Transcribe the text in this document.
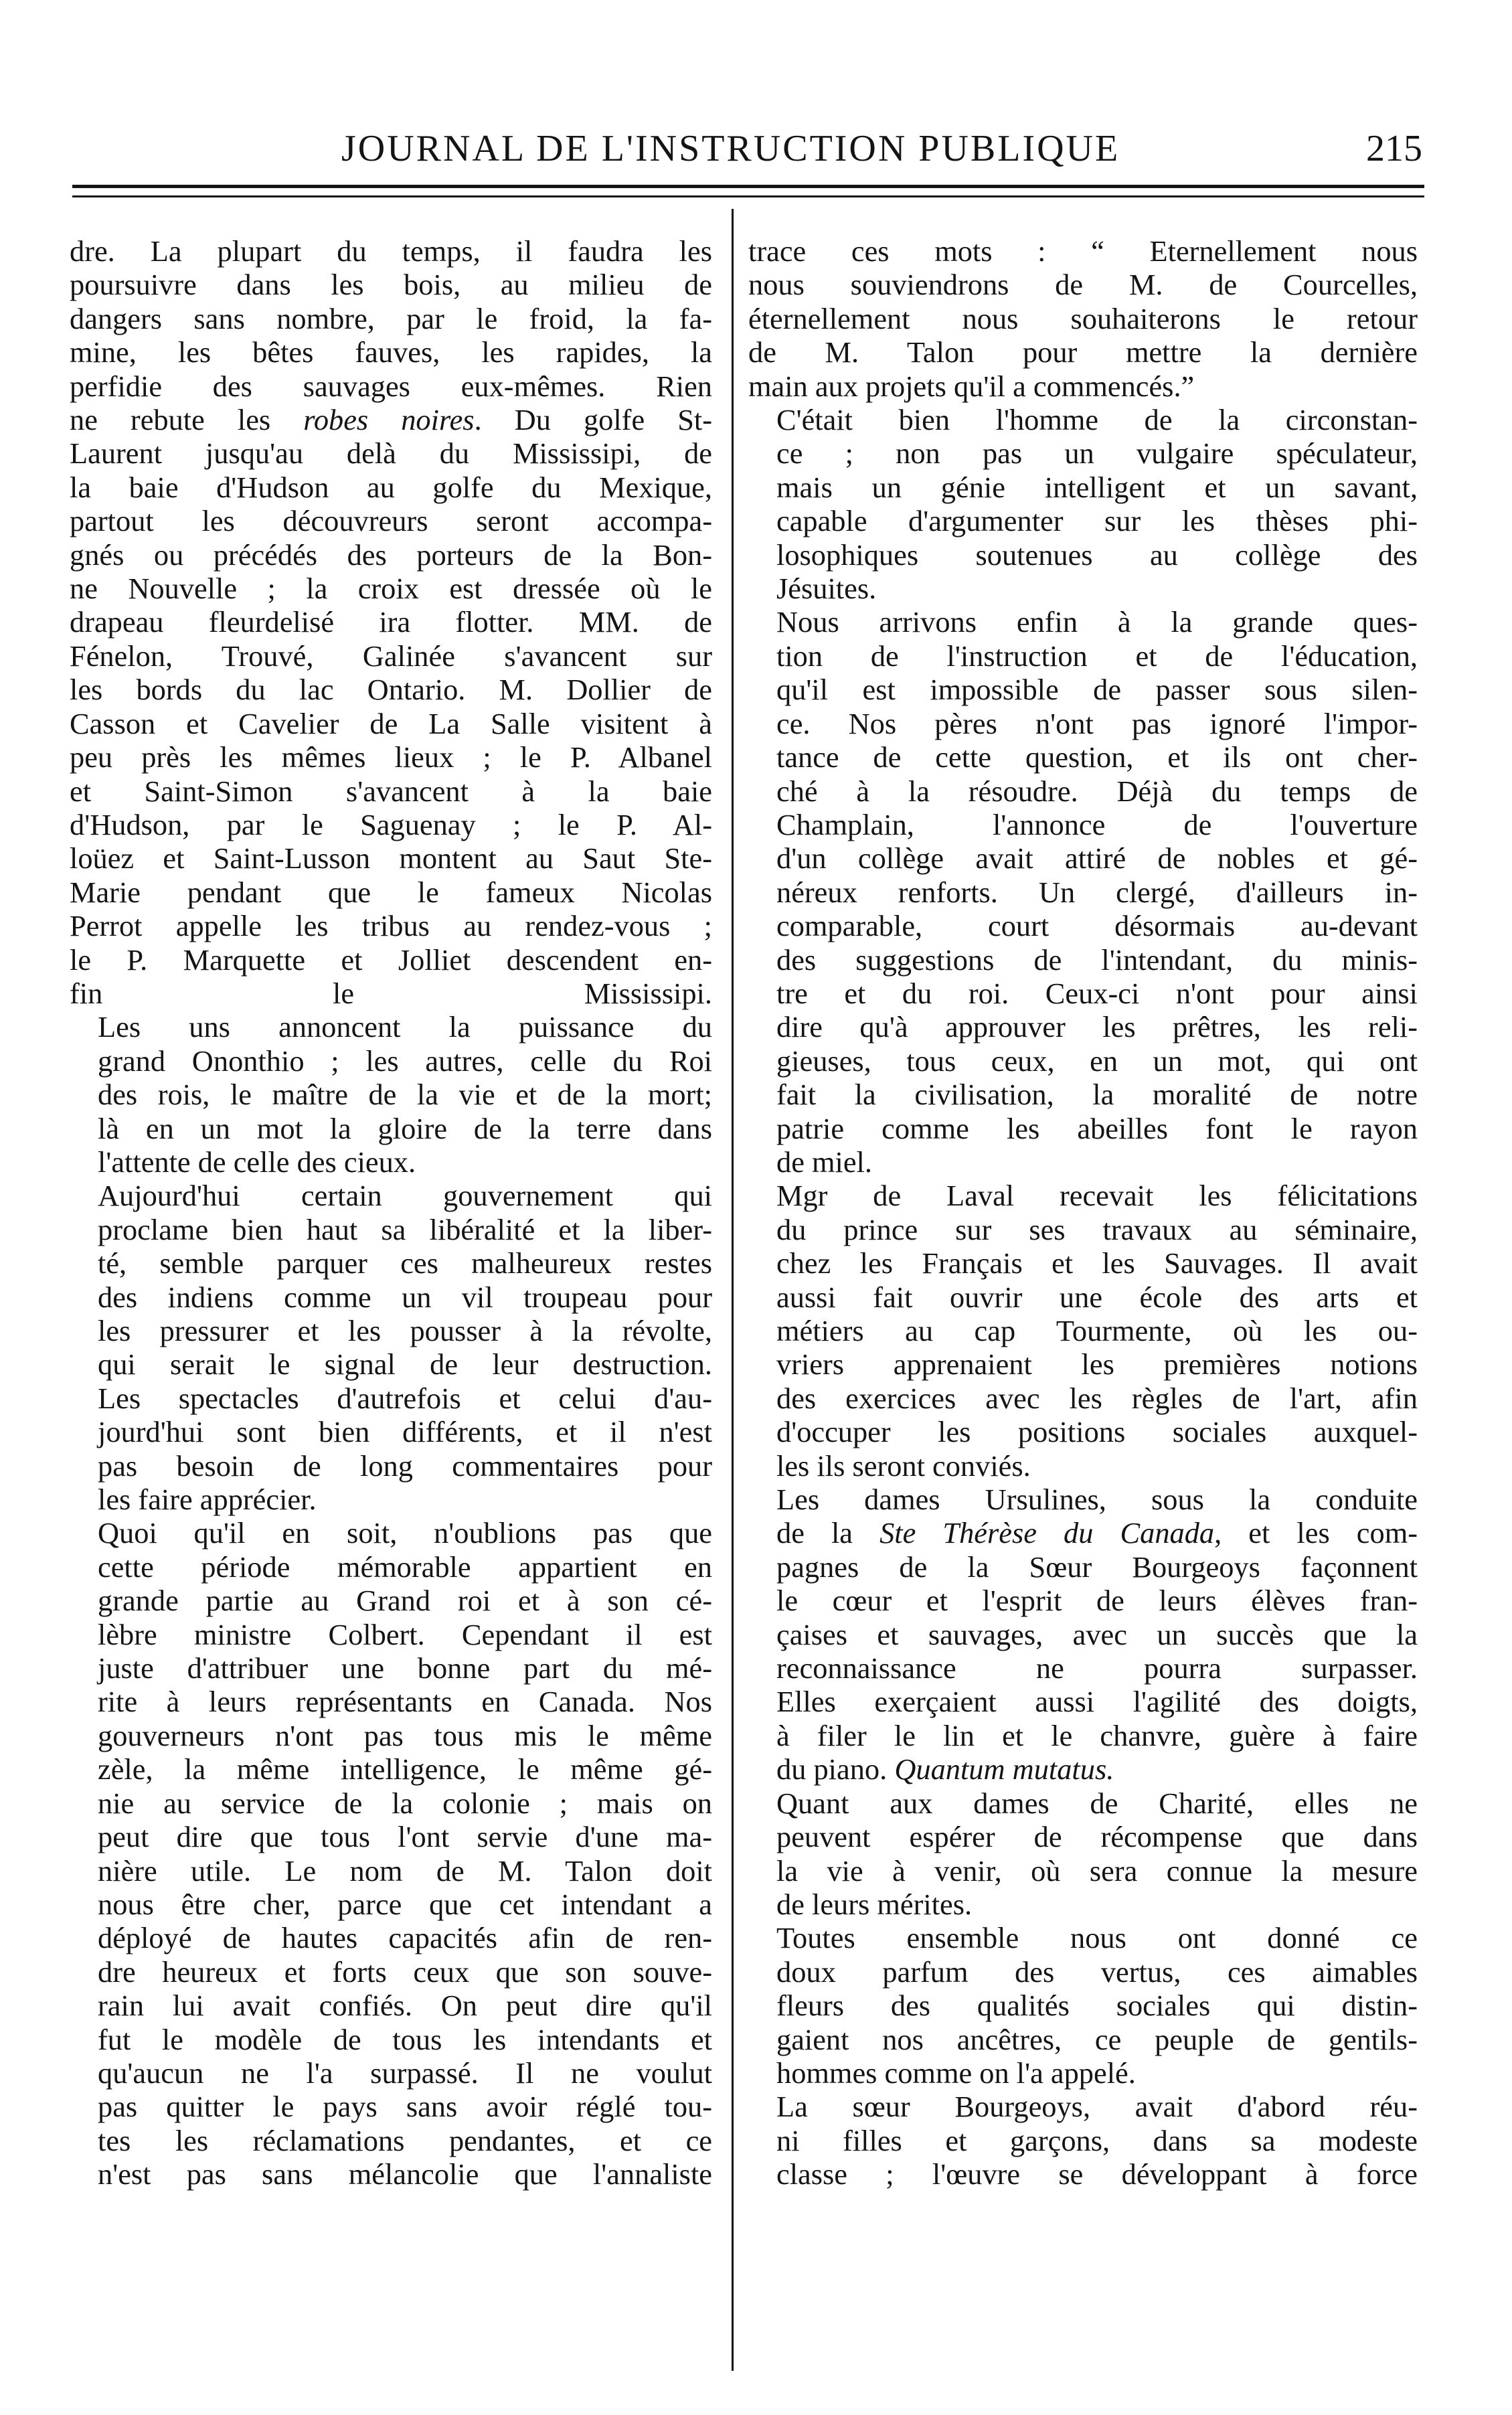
JOURNAL DE L'INSTRUCTION PUBLIQUE	215

dre. La plupart du temps, il faudra les
poursuivre dans les bois, au milieu de
dangers sans nombre, par le froid, la fa-
mine, les bêtes fauves, les rapides, la
perfidie des sauvages eux-mêmes. Rien
ne rebute les robes noires. Du golfe St-
Laurent jusqu'au delà du Mississipi, de
la baie d'Hudson au golfe du Mexique,
partout les découvreurs seront accompa-
gnés ou précédés des porteurs de la Bon-
ne Nouvelle ; la croix est dressée où le
drapeau fleurdelisé ira flotter. MM. de
Fénelon, Trouvé, Galinée s'avancent sur
les bords du lac Ontario. M. Dollier de
Casson et Cavelier de La Salle visitent à
peu près les mêmes lieux ; le P. Albanel
et Saint-Simon s'avancent à la baie
d'Hudson, par le Saguenay ; le P. Al-
loüez et Saint-Lusson montent au Saut Ste-
Marie pendant que le fameux Nicolas
Perrot appelle les tribus au rendez-vous ;
le P. Marquette et Jolliet descendent en-
fin le Mississipi.

Les uns annoncent la puissance du
grand Ononthio ; les autres, celle du Roi
des rois, le maître de la vie et de la mort;
là en un mot la gloire de la terre dans
l'attente de celle des cieux.

Aujourd'hui certain gouvernement qui
proclame bien haut sa libéralité et la liber-
té, semble parquer ces malheureux restes
des indiens comme un vil troupeau pour
les pressurer et les pousser à la révolte,
qui serait le signal de leur destruction.
Les spectacles d'autrefois et celui d'au-
jourd'hui sont bien différents, et il n'est
pas besoin de long commentaires pour
les faire apprécier.

Quoi qu'il en soit, n'oublions pas que
cette période mémorable appartient en
grande partie au Grand roi et à son cé-
lèbre ministre Colbert. Cependant il est
juste d'attribuer une bonne part du mé-
rite à leurs représentants en Canada. Nos
gouverneurs n'ont pas tous mis le même
zèle, la même intelligence, le même gé-
nie au service de la colonie ; mais on
peut dire que tous l'ont servie d'une ma-
nière utile. Le nom de M. Talon doit
nous être cher, parce que cet intendant a
déployé de hautes capacités afin de ren-
dre heureux et forts ceux que son souve-
rain lui avait confiés. On peut dire qu'il
fut le modèle de tous les intendants et
qu'aucun ne l'a surpassé. Il ne voulut
pas quitter le pays sans avoir réglé tou-
tes les réclamations pendantes, et ce
n'est pas sans mélancolie que l'annaliste

trace ces mots : “ Eternellement nous
nous souviendrons de M. de Courcelles,
éternellement nous souhaiterons le retour
de M. Talon pour mettre la dernière
main aux projets qu'il a commencés.”

C'était bien l'homme de la circonstan-
ce ; non pas un vulgaire spéculateur,
mais un génie intelligent et un savant,
capable d'argumenter sur les thèses phi-
losophiques soutenues au collège des
Jésuites.

Nous arrivons enfin à la grande ques-
tion de l'instruction et de l'éducation,
qu'il est impossible de passer sous silen-
ce. Nos pères n'ont pas ignoré l'impor-
tance de cette question, et ils ont cher-
ché à la résoudre. Déjà du temps de
Champlain, l'annonce de l'ouverture
d'un collège avait attiré de nobles et gé-
néreux renforts. Un clergé, d'ailleurs in-
comparable, court désormais au-devant
des suggestions de l'intendant, du minis-
tre et du roi. Ceux-ci n'ont pour ainsi
dire qu'à approuver les prêtres, les reli-
gieuses, tous ceux, en un mot, qui ont
fait la civilisation, la moralité de notre
patrie comme les abeilles font le rayon
de miel.

Mgr de Laval recevait les félicitations
du prince sur ses travaux au séminaire,
chez les Français et les Sauvages. Il avait
aussi fait ouvrir une école des arts et
métiers au cap Tourmente, où les ou-
vriers apprenaient les premières notions
des exercices avec les règles de l'art, afin
d'occuper les positions sociales auxquel-
les ils seront conviés.

Les dames Ursulines, sous la conduite
de la Ste Thérèse du Canada, et les com-
pagnes de la Sœur Bourgeoys façonnent
le cœur et l'esprit de leurs élèves fran-
çaises et sauvages, avec un succès que la
reconnaissance ne pourra surpasser.
Elles exerçaient aussi l'agilité des doigts,
à filer le lin et le chanvre, guère à faire
du piano. Quantum mutatus.

Quant aux dames de Charité, elles ne
peuvent espérer de récompense que dans
la vie à venir, où sera connue la mesure
de leurs mérites.

Toutes ensemble nous ont donné ce
doux parfum des vertus, ces aimables
fleurs des qualités sociales qui distin-
gaient nos ancêtres, ce peuple de gentils-
hommes comme on l'a appelé.

La sœur Bourgeoys, avait d'abord réu-
ni filles et garçons, dans sa modeste
classe ; l'œuvre se développant à force
